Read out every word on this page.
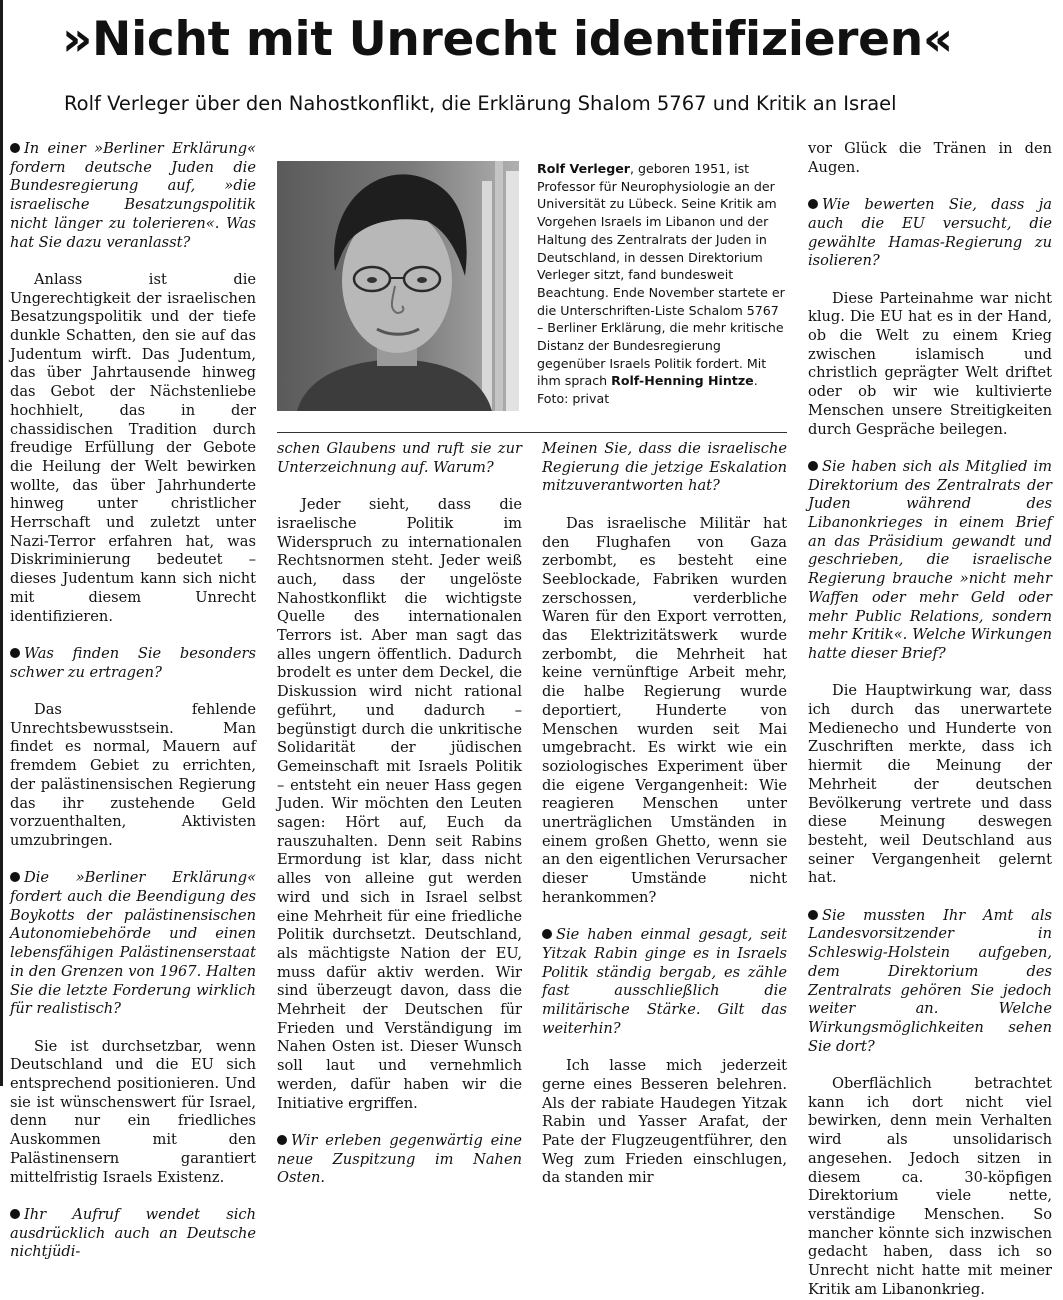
»Nicht mit Unrecht identifizieren«
Rolf Verleger über den Nahostkonflikt, die Erklärung Shalom 5767 und Kritik an Israel

In einer »Berliner Erklärung« fordern deutsche Juden die Bundesregierung auf, »die israelische Besatzungspolitik nicht länger zu tolerieren«. Was hat Sie dazu veranlasst?

Anlass ist die Ungerechtigkeit der israelischen Besatzungspolitik und der tiefe dunkle Schatten, den sie auf das Judentum wirft. Das Judentum, das über Jahrtausende hinweg das Gebot der Nächstenliebe hochhielt, das in der chassidischen Tradition durch freudige Erfüllung der Gebote die Heilung der Welt bewirken wollte, das über Jahrhunderte hinweg unter christlicher Herrschaft und zuletzt unter Nazi-Terror erfahren hat, was Diskriminierung bedeutet – dieses Judentum kann sich nicht mit diesem Unrecht identifizieren.

Was finden Sie besonders schwer zu ertragen?

Das fehlende Unrechtsbewusstsein. Man findet es normal, Mauern auf fremdem Gebiet zu errichten, der palästinensischen Regierung das ihr zustehende Geld vorzuenthalten, Aktivisten umzubringen.

Die »Berliner Erklärung« fordert auch die Beendigung des Boykotts der palästinensischen Autonomiebehörde und einen lebensfähigen Palästinenserstaat in den Grenzen von 1967. Halten Sie die letzte Forderung wirklich für realistisch?

Sie ist durchsetzbar, wenn Deutschland und die EU sich entsprechend positionieren. Und sie ist wünschenswert für Israel, denn nur ein friedliches Auskommen mit den Palästinensern garantiert mittelfristig Israels Existenz.

Ihr Aufruf wendet sich ausdrücklich auch an Deutsche nichtjüdi-

Rolf Verleger, geboren 1951, ist Professor für Neurophysiologie an der Universität zu Lübeck. Seine Kritik am Vorgehen Israels im Libanon und der Haltung des Zentralrats der Juden in Deutschland, in dessen Direktorium Verleger sitzt, fand bundesweit Beachtung. Ende November startete er die Unterschriften-Liste Schalom 5767 – Berliner Erklärung, die mehr kritische Distanz der Bundesregierung gegenüber Israels Politik fordert. Mit ihm sprach Rolf-Henning Hintze.
Foto: privat

schen Glaubens und ruft sie zur Unterzeichnung auf. Warum?

Jeder sieht, dass die israelische Politik im Widerspruch zu internationalen Rechtsnormen steht. Jeder weiß auch, dass der ungelöste Nahostkonflikt die wichtigste Quelle des internationalen Terrors ist. Aber man sagt das alles ungern öffentlich. Dadurch brodelt es unter dem Deckel, die Diskussion wird nicht rational geführt, und dadurch – begünstigt durch die unkritische Solidarität der jüdischen Gemeinschaft mit Israels Politik – entsteht ein neuer Hass gegen Juden. Wir möchten den Leuten sagen: Hört auf, Euch da rauszuhalten. Denn seit Rabins Ermordung ist klar, dass nicht alles von alleine gut werden wird und sich in Israel selbst eine Mehrheit für eine friedliche Politik durchsetzt. Deutschland, als mächtigste Nation der EU, muss dafür aktiv werden. Wir sind überzeugt davon, dass die Mehrheit der Deutschen für Frieden und Verständigung im Nahen Osten ist. Dieser Wunsch soll laut und vernehmlich werden, dafür haben wir die Initiative ergriffen.

Wir erleben gegenwärtig eine neue Zuspitzung im Nahen Osten.

Meinen Sie, dass die israelische Regierung die jetzige Eskalation mitzuverantworten hat?

Das israelische Militär hat den Flughafen von Gaza zerbombt, es besteht eine Seeblockade, Fabriken wurden zerschossen, verderbliche Waren für den Export verrotten, das Elektrizitätswerk wurde zerbombt, die Mehrheit hat keine vernünftige Arbeit mehr, die halbe Regierung wurde deportiert, Hunderte von Menschen wurden seit Mai umgebracht. Es wirkt wie ein soziologisches Experiment über die eigene Vergangenheit: Wie reagieren Menschen unter unerträglichen Umständen in einem großen Ghetto, wenn sie an den eigentlichen Verursacher dieser Umstände nicht herankommen?

Sie haben einmal gesagt, seit Yitzak Rabin ginge es in Israels Politik ständig bergab, es zähle fast ausschließlich die militärische Stärke. Gilt das weiterhin?

Ich lasse mich jederzeit gerne eines Besseren belehren. Als der rabiate Haudegen Yitzak Rabin und Yasser Arafat, der Pate der Flugzeugentführer, den Weg zum Frieden einschlugen, da standen mir

vor Glück die Tränen in den Augen.

Wie bewerten Sie, dass ja auch die EU versucht, die gewählte Hamas-Regierung zu isolieren?

Diese Parteinahme war nicht klug. Die EU hat es in der Hand, ob die Welt zu einem Krieg zwischen islamisch und christlich geprägter Welt driftet oder ob wir wie kultivierte Menschen unsere Streitigkeiten durch Gespräche beilegen.

Sie haben sich als Mitglied im Direktorium des Zentralrats der Juden während des Libanonkrieges in einem Brief an das Präsidium gewandt und geschrieben, die israelische Regierung brauche »nicht mehr Waffen oder mehr Geld oder mehr Public Relations, sondern mehr Kritik«. Welche Wirkungen hatte dieser Brief?

Die Hauptwirkung war, dass ich durch das unerwartete Medienecho und Hunderte von Zuschriften merkte, dass ich hiermit die Meinung der Mehrheit der deutschen Bevölkerung vertrete und dass diese Meinung deswegen besteht, weil Deutschland aus seiner Vergangenheit gelernt hat.

Sie mussten Ihr Amt als Landesvorsitzender in Schleswig-Holstein aufgeben, dem Direktorium des Zentralrats gehören Sie jedoch weiter an. Welche Wirkungsmöglichkeiten sehen Sie dort?

Oberflächlich betrachtet kann ich dort nicht viel bewirken, denn mein Verhalten wird als unsolidarisch angesehen. Jedoch sitzen in diesem ca. 30-köpfigen Direktorium viele nette, verständige Menschen. So mancher könnte sich inzwischen gedacht haben, dass ich so Unrecht nicht hatte mit meiner Kritik am Libanonkrieg.
